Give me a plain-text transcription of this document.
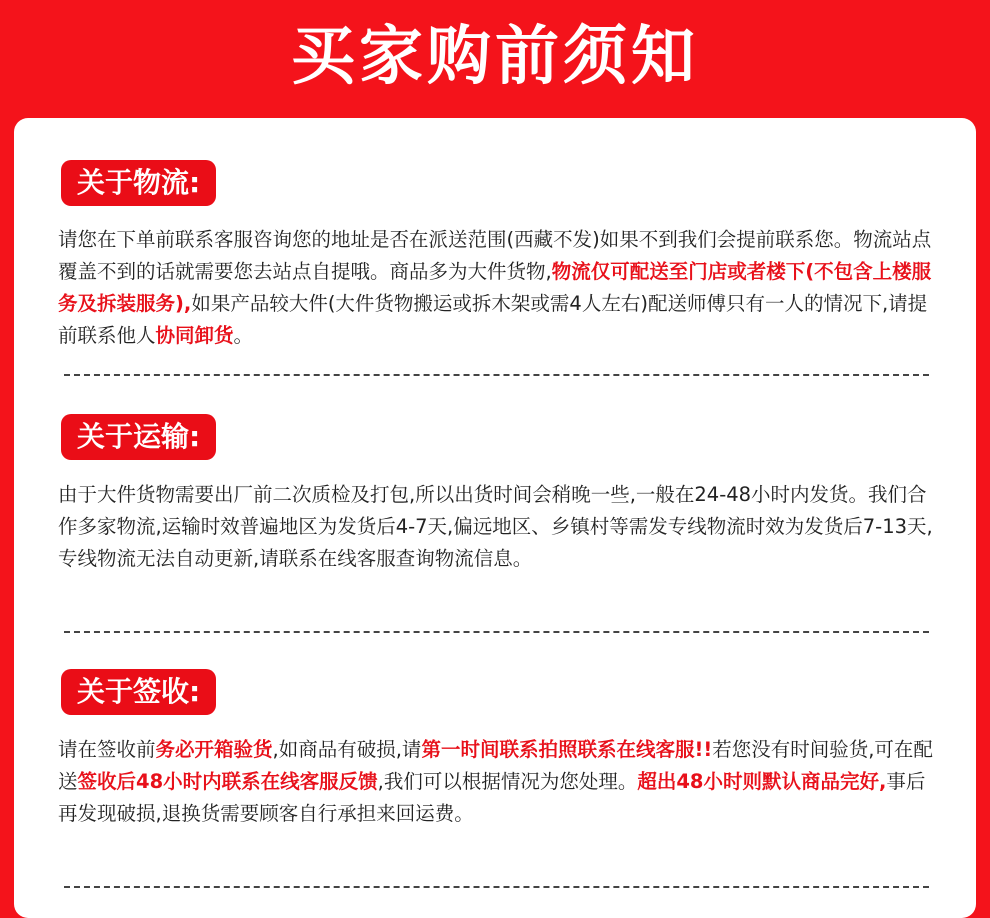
买家购前须知
关于物流:

请您在下单前联系客服咨询您的地址是否在派送范围(西藏不发)如果不到我们会提前联系您。物流站点覆盖不到的话就需要您去站点自提哦。商品多为大件货物,物流仅可配送至门店或者楼下(不包含上楼服务及拆装服务),如果产品较大件(大件货物搬运或拆木架或需4人左右)配送师傅只有一人的情况下,请提前联系他人协同卸货。

关于运输:

由于大件货物需要出厂前二次质检及打包,所以出货时间会稍晚一些,一般在24-48小时内发货。我们合作多家物流,运输时效普遍地区为发货后4-7天,偏远地区、乡镇村等需发专线物流时效为发货后7-13天,专线物流无法自动更新,请联系在线客服查询物流信息。

关于签收:

请在签收前务必开箱验货,如商品有破损,请第一时间联系拍照联系在线客服!!若您没有时间验货,可在配送签收后48小时内联系在线客服反馈,我们可以根据情况为您处理。超出48小时则默认商品完好,事后再发现破损,退换货需要顾客自行承担来回运费。
